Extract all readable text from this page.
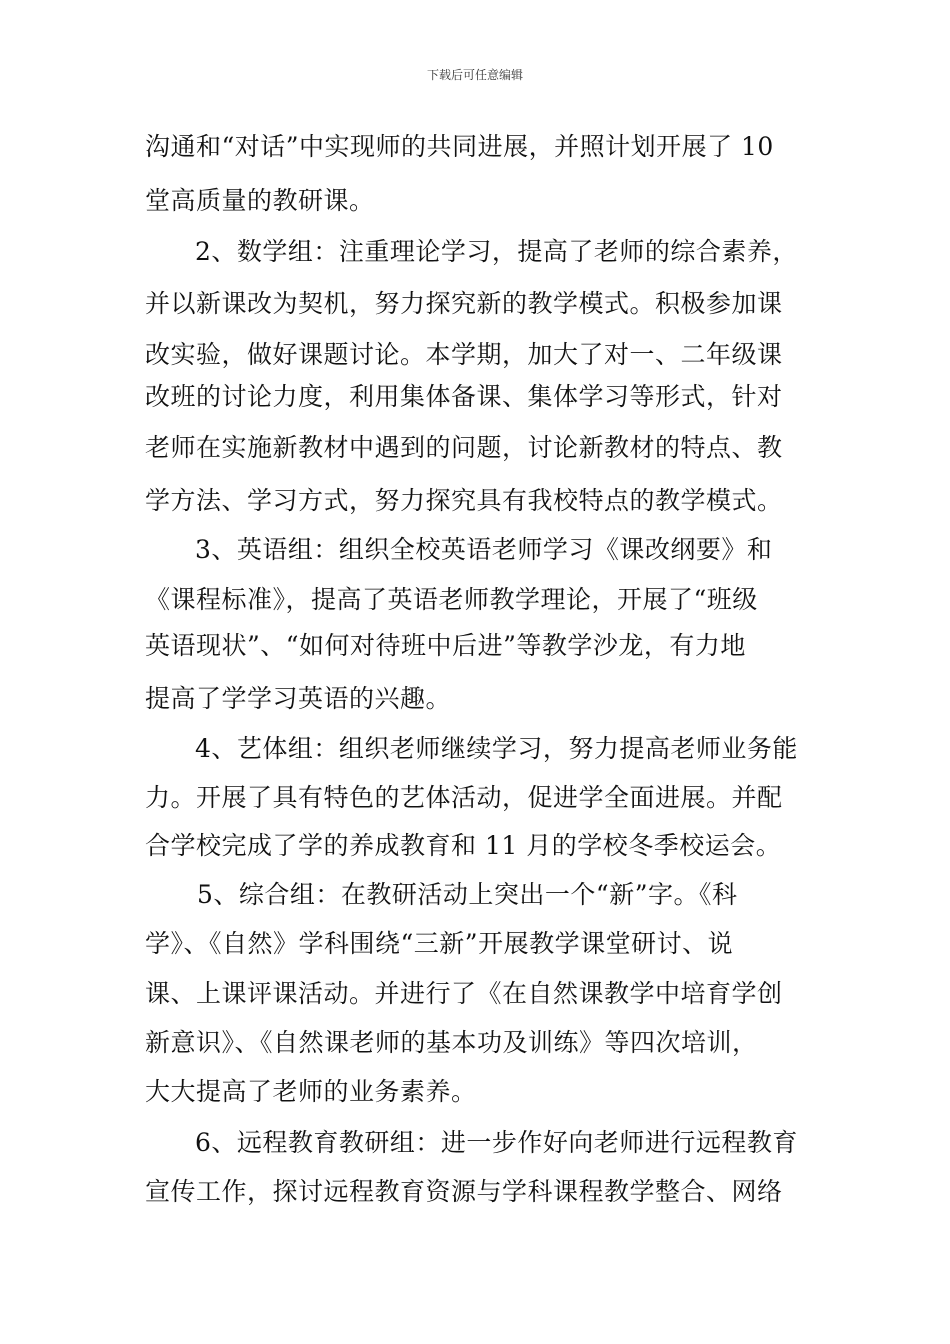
下载后可任意编辑
沟通和“对话”中实现师的共同进展，并照计划开展了 10
堂高质量的教研课。
2、数学组：注重理论学习，提高了老师的综合素养，
并以新课改为契机，努力探究新的教学模式。积极参加课
改实验，做好课题讨论。本学期，加大了对一、二年级课
改班的讨论力度，利用集体备课、集体学习等形式，针对
老师在实施新教材中遇到的问题，讨论新教材的特点、教
学方法、学习方式，努力探究具有我校特点的教学模式。
3、英语组：组织全校英语老师学习《课改纲要》和
《课程标准》，提高了英语老师教学理论，开展了“班级
英语现状”、“如何对待班中后进”等教学沙龙，有力地
提高了学学习英语的兴趣。
4、艺体组：组织老师继续学习，努力提高老师业务能
力。开展了具有特色的艺体活动，促进学全面进展。并配
合学校完成了学的养成教育和 11 月的学校冬季校运会。
5、综合组：在教研活动上突出一个“新”字。《科
学》、《自然》学科围绕“三新”开展教学课堂研讨、说
课、上课评课活动。并进行了《在自然课教学中培育学创
新意识》、《自然课老师的基本功及训练》等四次培训，
大大提高了老师的业务素养。
6、远程教育教研组：进一步作好向老师进行远程教育
宣传工作，探讨远程教育资源与学科课程教学整合、网络
